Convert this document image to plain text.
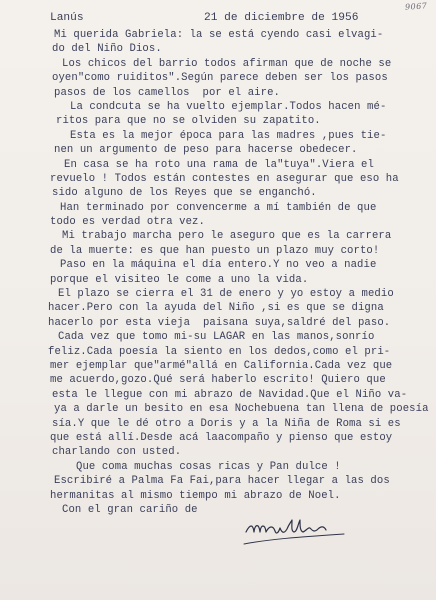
9067
Lanús	21 de diciembre de 1956
Mi querida Gabriela: la se está cyendo casi elvagi-
do del Niño Dios.
Los chicos del barrio todos afirman que de noche se
oyen"como ruiditos".Según parece deben ser los pasos
pasos de los camellos  por el aire.
La condcuta se ha vuelto ejemplar.Todos hacen mé-
ritos para que no se olviden su zapatito.
Esta es la mejor época para las madres ,pues tie-
nen un argumento de peso para hacerse obedecer.
En casa se ha roto una rama de la"tuya".Viera el
revuelo ! Todos están contestes en asegurar que eso ha
sido alguno de los Reyes que se enganchó.
Han terminado por convencerme a mí también de que
todo es verdad otra vez.
Mi trabajo marcha pero le aseguro que es la carrera
de la muerte: es que han puesto un plazo muy corto!
Paso en la máquina el día entero.Y no veo a nadie
porque el visiteo le come a uno la vida.
El plazo se cierra el 31 de enero y yo estoy a medio
hacer.Pero con la ayuda del Niño ,si es que se digna
hacerlo por esta vieja  paisana suya,saldré del paso.
Cada vez que tomo mi-su LAGAR en las manos,sonrío
feliz.Cada poesía la siento en los dedos,como el pri-
mer ejemplar que"armé"allá en California.Cada vez que
me acuerdo,gozo.Qué será haberlo escrito! Quiero que
esta le llegue con mi abrazo de Navidad.Que el Niño va-
ya a darle un besito en esa Nochebuena tan llena de poesía
sía.Y que le dé otro a Doris y a la Niña de Roma si es
que está allí.Desde acá laacompaño y pienso que estoy
charlando con usted.
Que coma muchas cosas ricas y Pan dulce !
Escribiré a Palma Fa Fai,para hacer llegar a las dos
hermanitas al mismo tiempo mi abrazo de Noel.
Con el gran cariño de
